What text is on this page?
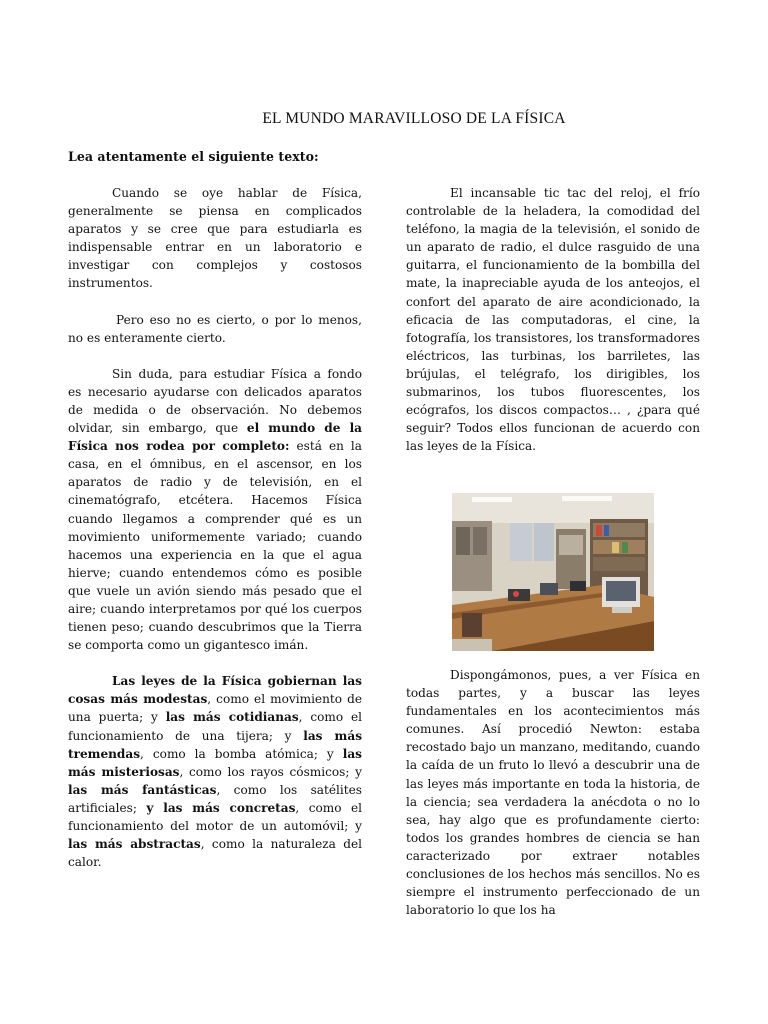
EL MUNDO MARAVILLOSO DE LA FÍSICA

Lea atentamente el siguiente texto:

Cuando se oye hablar de Física, generalmente se piensa en complicados aparatos y se cree que para estudiarla es indispensable entrar en un laboratorio e investigar con complejos y costosos instrumentos.

Pero eso no es cierto, o por lo menos, no es enteramente cierto.

Sin duda, para estudiar Física a fondo es necesario ayudarse con delicados aparatos de medida o de observación. No debemos olvidar, sin embargo, que el mundo de la Física nos rodea por completo: está en la casa, en el ómnibus, en el ascensor, en los aparatos de radio y de televisión, en el cinematógrafo, etcétera. Hacemos Física cuando llegamos a comprender qué es un movimiento uniformemente variado; cuando hacemos una experiencia en la que el agua hierve; cuando entendemos cómo es posible que vuele un avión siendo más pesado que el aire; cuando interpretamos por qué los cuerpos tienen peso; cuando descubrimos que la Tierra se comporta como un gigantesco imán.

Las leyes de la Física gobiernan las cosas más modestas, como el movimiento de una puerta; y las más cotidianas, como el funcionamiento de una tijera; y las más tremendas, como la bomba atómica; y las más misteriosas, como los rayos cósmicos; y las más fantásticas, como los satélites artificiales; y las más concretas, como el funcionamiento del motor de un automóvil; y las más abstractas, como la naturaleza del calor.

El incansable tic tac del reloj, el frío controlable de la heladera, la comodidad del teléfono, la magia de la televisión, el sonido de un aparato de radio, el dulce rasguido de una guitarra, el funcionamiento de la bombilla del mate, la inapreciable ayuda de los anteojos, el confort del aparato de aire acondicionado, la eficacia de las computadoras, el cine, la fotografía, los transistores, los transformadores eléctricos, las turbinas, los barriletes, las brújulas, el telégrafo, los dirigibles, los submarinos, los tubos fluorescentes, los ecógrafos, los discos compactos… , ¿para qué seguir? Todos ellos funcionan de acuerdo con las leyes de la Física.

Dispongámonos, pues, a ver Física en todas partes, y a buscar las leyes fundamentales en los acontecimientos más comunes. Así procedió Newton: estaba recostado bajo un manzano, meditando, cuando la caída de un fruto lo llevó a descubrir una de las leyes más importante en toda la historia, de la ciencia; sea verdadera la anécdota o no lo sea, hay algo que es profundamente cierto: todos los grandes hombres de ciencia se han caracterizado por extraer notables conclusiones de los hechos más sencillos. No es siempre el instrumento perfeccionado de un laboratorio lo que los ha
